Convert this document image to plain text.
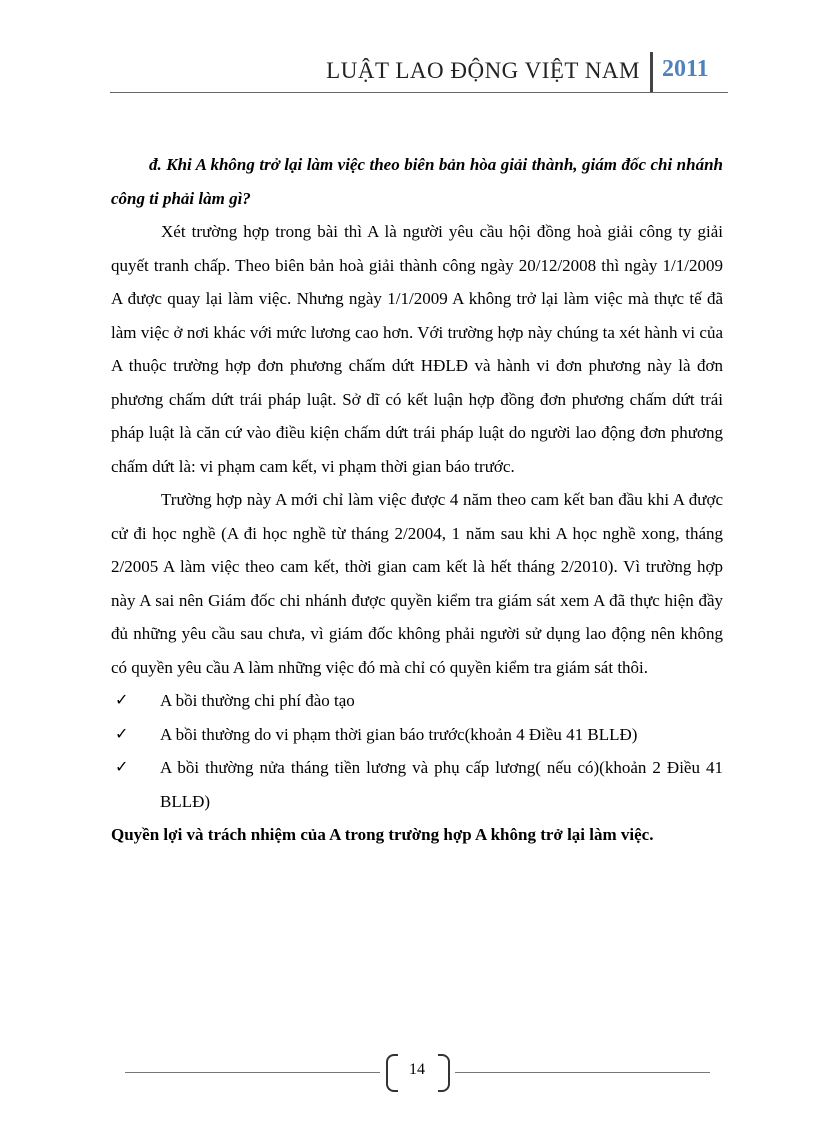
LUẬT LAO ĐỘNG VIỆT NAM 2011

đ. Khi A không trở lại làm việc theo biên bản hòa giải thành, giám đốc chi nhánh công ti phải làm gì?

Xét trường hợp trong bài thì A là người yêu cầu hội đồng hoà giải công ty giải quyết tranh chấp. Theo biên bản hoà giải thành công ngày 20/12/2008 thì ngày 1/1/2009 A được quay lại làm việc. Nhưng ngày 1/1/2009 A không trở lại làm việc mà thực tế đã làm việc ở nơi khác với mức lương cao hơn. Với trường hợp này chúng ta xét hành vi của A thuộc trường hợp đơn phương chấm dứt HĐLĐ và hành vi đơn phương này là đơn phương chấm dứt trái pháp luật. Sở dĩ có kết luận hợp đồng đơn phương chấm dứt trái pháp luật là căn cứ vào điều kiện chấm dứt trái pháp luật do người lao động đơn phương chấm dứt là: vi phạm cam kết, vi phạm thời gian báo trước.

Trường hợp này A mới chỉ làm việc được 4 năm theo cam kết ban đầu khi A được cử đi học nghề (A đi học nghề từ tháng 2/2004, 1 năm sau khi A học nghề xong, tháng 2/2005 A làm việc theo cam kết, thời gian cam kết là hết tháng 2/2010). Vì trường hợp này A sai nên Giám đốc chi nhánh được quyền kiểm tra giám sát xem A đã thực hiện đầy đủ những yêu cầu sau chưa, vì giám đốc không phải người sử dụng lao động nên không có quyền yêu cầu A làm những việc đó mà chỉ có quyền kiểm tra giám sát thôi.

✓ A bồi thường chi phí đào tạo
✓ A bồi thường do vi phạm thời gian báo trước(khoản 4 Điều 41 BLLĐ)
✓ A bồi thường nửa tháng tiền lương và phụ cấp lương( nếu có)(khoản 2 Điều 41 BLLĐ)

Quyền lợi và trách nhiệm của A trong trường hợp A không trở lại làm việc.

14
